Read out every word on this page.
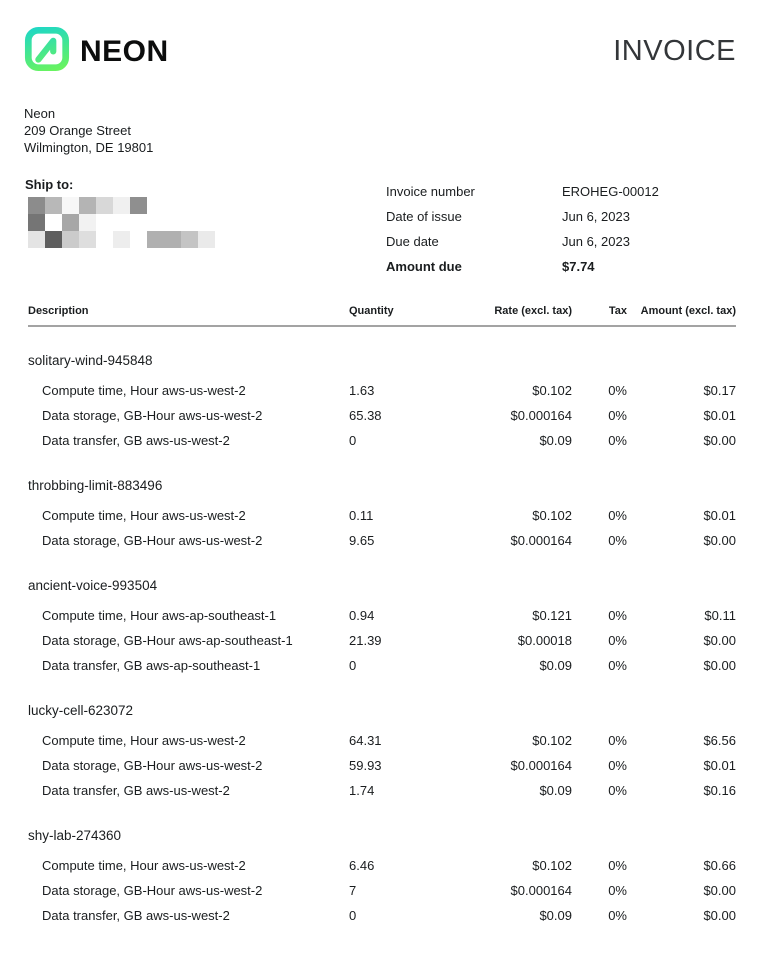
NEON	INVOICE
Neon
209 Orange Street
Wilmington, DE 19801
Ship to:	Invoice number	EROHEG-00012
Date of issue	Jun 6, 2023
Due date	Jun 6, 2023
Amount due	$7.74
Description	Quantity	Rate (excl. tax)	Tax	Amount (excl. tax)
solitary-wind-945848
Compute time, Hour aws-us-west-2	1.63	$0.102	0%	$0.17
Data storage, GB-Hour aws-us-west-2	65.38	$0.000164	0%	$0.01
Data transfer, GB aws-us-west-2	0	$0.09	0%	$0.00
throbbing-limit-883496
Compute time, Hour aws-us-west-2	0.11	$0.102	0%	$0.01
Data storage, GB-Hour aws-us-west-2	9.65	$0.000164	0%	$0.00
ancient-voice-993504
Compute time, Hour aws-ap-southeast-1	0.94	$0.121	0%	$0.11
Data storage, GB-Hour aws-ap-southeast-1	21.39	$0.00018	0%	$0.00
Data transfer, GB aws-ap-southeast-1	0	$0.09	0%	$0.00
lucky-cell-623072
Compute time, Hour aws-us-west-2	64.31	$0.102	0%	$6.56
Data storage, GB-Hour aws-us-west-2	59.93	$0.000164	0%	$0.01
Data transfer, GB aws-us-west-2	1.74	$0.09	0%	$0.16
shy-lab-274360
Compute time, Hour aws-us-west-2	6.46	$0.102	0%	$0.66
Data storage, GB-Hour aws-us-west-2	7	$0.000164	0%	$0.00
Data transfer, GB aws-us-west-2	0	$0.09	0%	$0.00
